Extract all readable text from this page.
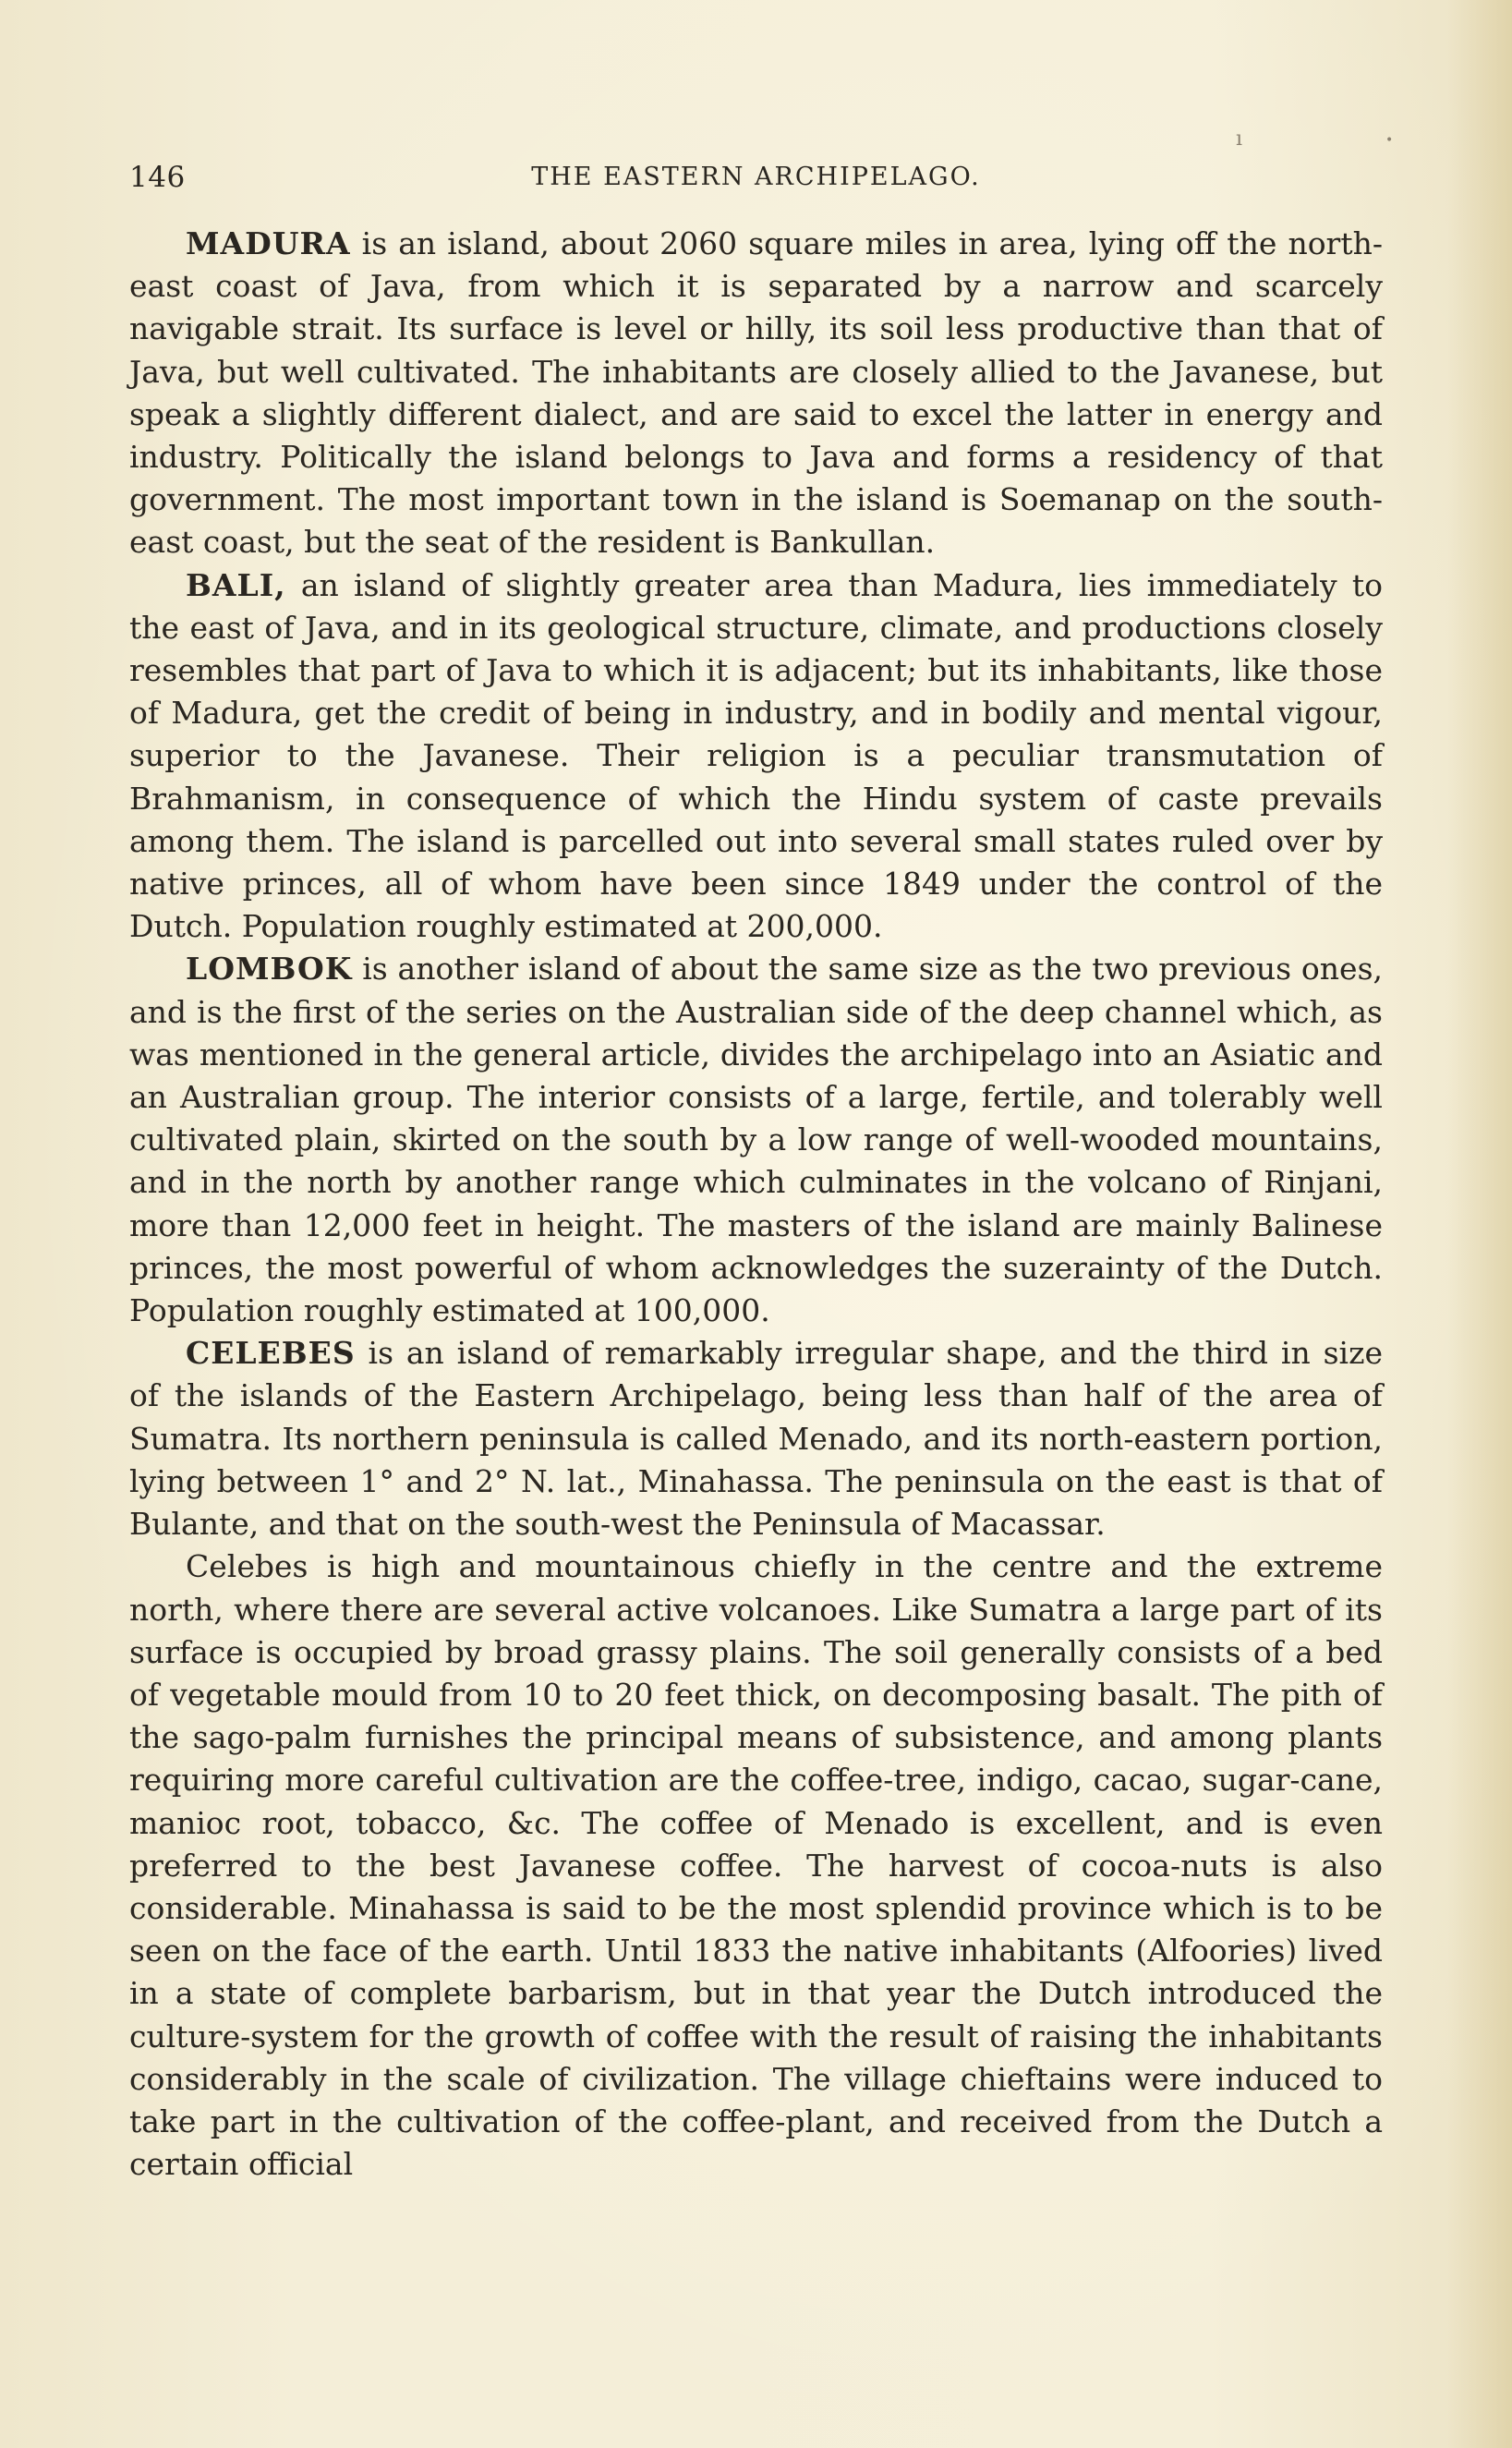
ı	•
146	THE EASTERN ARCHIPELAGO.

MADURA is an island, about 2060 square miles in area, lying off the north-east coast of Java, from which it is separated by a narrow and scarcely navigable strait. Its surface is level or hilly, its soil less productive than that of Java, but well cultivated. The inhabitants are closely allied to the Javanese, but speak a slightly different dialect, and are said to excel the latter in energy and industry. Politically the island belongs to Java and forms a residency of that government. The most important town in the island is Soemanap on the south-east coast, but the seat of the resident is Bankullan.

BALI, an island of slightly greater area than Madura, lies immediately to the east of Java, and in its geological structure, climate, and productions closely resembles that part of Java to which it is adjacent; but its inhabitants, like those of Madura, get the credit of being in industry, and in bodily and mental vigour, superior to the Javanese. Their religion is a peculiar transmutation of Brahmanism, in consequence of which the Hindu system of caste prevails among them. The island is parcelled out into several small states ruled over by native princes, all of whom have been since 1849 under the control of the Dutch. Population roughly estimated at 200,000.

LOMBOK is another island of about the same size as the two previous ones, and is the first of the series on the Australian side of the deep channel which, as was mentioned in the general article, divides the archipelago into an Asiatic and an Australian group. The interior consists of a large, fertile, and tolerably well cultivated plain, skirted on the south by a low range of well-wooded mountains, and in the north by another range which culminates in the volcano of Rinjani, more than 12,000 feet in height. The masters of the island are mainly Balinese princes, the most powerful of whom acknowledges the suzerainty of the Dutch. Population roughly estimated at 100,000.

CELEBES is an island of remarkably irregular shape, and the third in size of the islands of the Eastern Archipelago, being less than half of the area of Sumatra. Its northern peninsula is called Menado, and its north-eastern portion, lying between 1° and 2° N. lat., Minahassa. The peninsula on the east is that of Bulante, and that on the south-west the Peninsula of Macassar.

Celebes is high and mountainous chiefly in the centre and the extreme north, where there are several active volcanoes. Like Sumatra a large part of its surface is occupied by broad grassy plains. The soil generally consists of a bed of vegetable mould from 10 to 20 feet thick, on decomposing basalt. The pith of the sago-palm furnishes the principal means of subsistence, and among plants requiring more careful cultivation are the coffee-tree, indigo, cacao, sugar-cane, manioc root, tobacco, &c. The coffee of Menado is excellent, and is even preferred to the best Javanese coffee. The harvest of cocoa-nuts is also considerable. Minahassa is said to be the most splendid province which is to be seen on the face of the earth. Until 1833 the native inhabitants (Alfoories) lived in a state of complete barbarism, but in that year the Dutch introduced the culture-system for the growth of coffee with the result of raising the inhabitants considerably in the scale of civilization. The village chieftains were induced to take part in the cultivation of the coffee-plant, and received from the Dutch a certain official
